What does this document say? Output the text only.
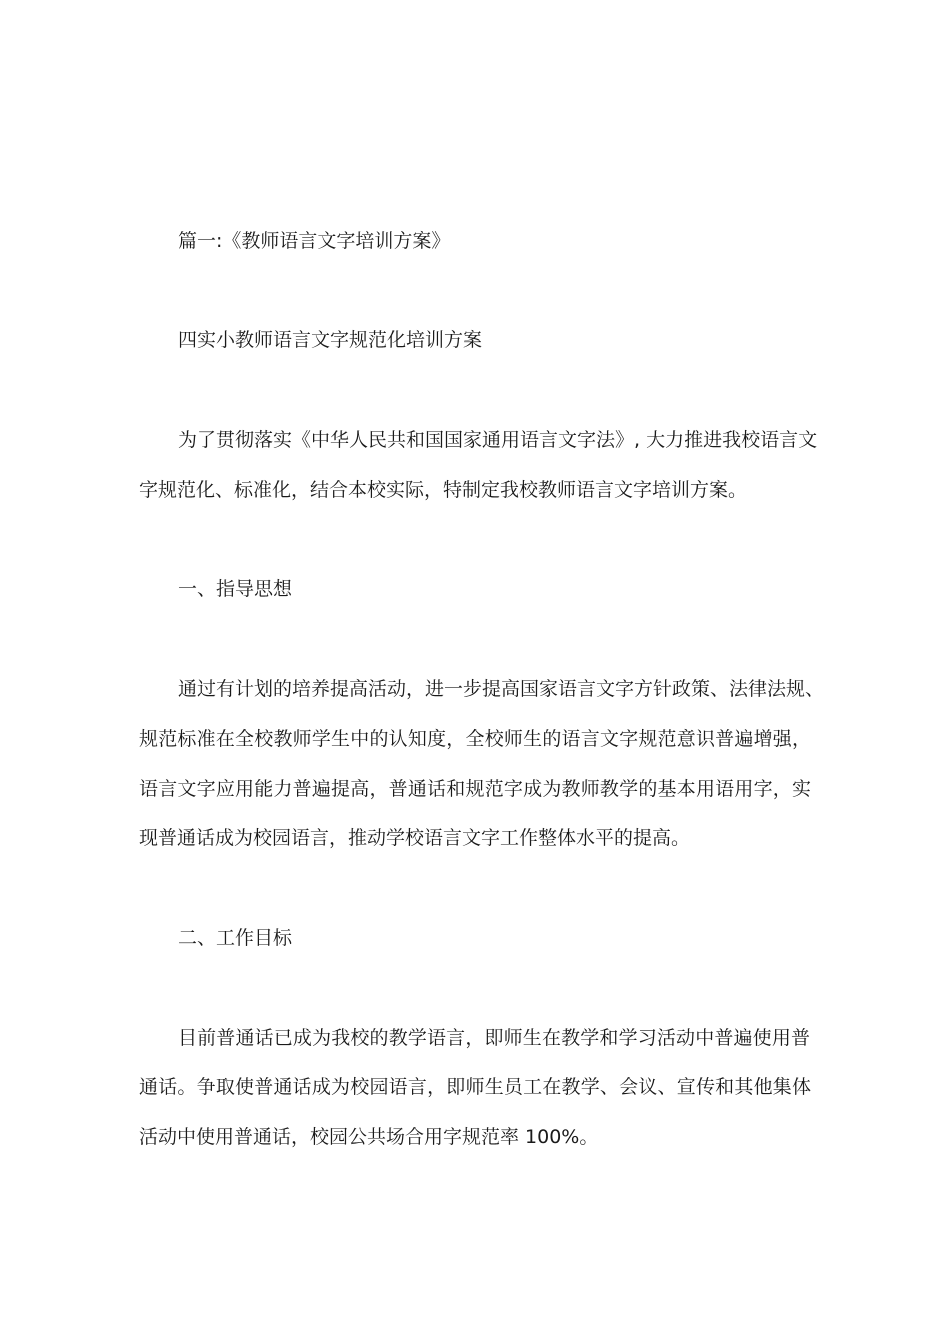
篇一:《教师语言文字培训方案》
四实小教师语言文字规范化培训方案
为了贯彻落实《中华人民共和国国家通用语言文字法》, 大力推进我校语言文
字规范化、标准化，结合本校实际，特制定我校教师语言文字培训方案。
一、指导思想
通过有计划的培养提高活动，进一步提高国家语言文字方针政策、法律法规、
规范标准在全校教师学生中的认知度，全校师生的语言文字规范意识普遍增强，
语言文字应用能力普遍提高，普通话和规范字成为教师教学的基本用语用字，实
现普通话成为校园语言，推动学校语言文字工作整体水平的提高。
二、工作目标
目前普通话已成为我校的教学语言，即师生在教学和学习活动中普遍使用普
通话。争取使普通话成为校园语言，即师生员工在教学、会议、宣传和其他集体
活动中使用普通话，校园公共场合用字规范率 100%。
